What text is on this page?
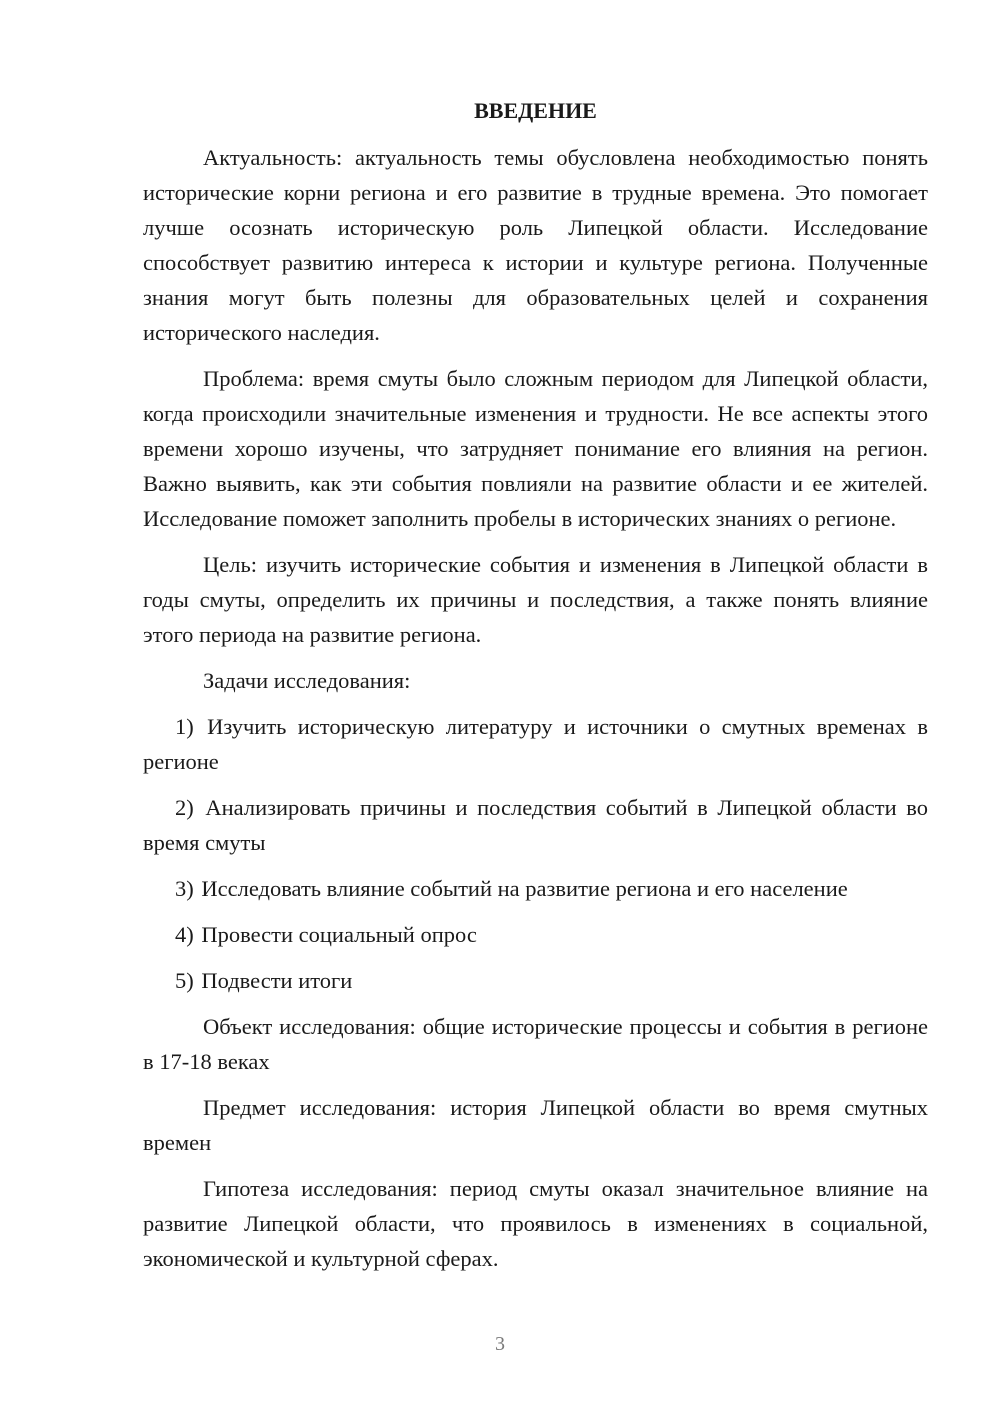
ВВЕДЕНИЕ

Актуальность: актуальность темы обусловлена необходимостью понять исторические корни региона и его развитие в трудные времена. Это помогает лучше осознать историческую роль Липецкой области. Исследование способствует развитию интереса к истории и культуре региона. Полученные знания могут быть полезны для образовательных целей и сохранения исторического наследия.

Проблема: время смуты было сложным периодом для Липецкой области, когда происходили значительные изменения и трудности. Не все аспекты этого времени хорошо изучены, что затрудняет понимание его влияния на регион. Важно выявить, как эти события повлияли на развитие области и ее жителей. Исследование поможет заполнить пробелы в исторических знаниях о регионе.

Цель: изучить исторические события и изменения в Липецкой области в годы смуты, определить их причины и последствия, а также понять влияние этого периода на развитие региона.

Задачи исследования:

1) Изучить историческую литературу и источники о смутных временах в регионе

2) Анализировать причины и последствия событий в Липецкой области во время смуты

3) Исследовать влияние событий на развитие региона и его население

4) Провести социальный опрос

5) Подвести итоги

Объект исследования: общие исторические процессы и события в регионе в 17-18 веках

Предмет исследования: история Липецкой области во время смутных времен

Гипотеза исследования: период смуты оказал значительное влияние на развитие Липецкой области, что проявилось в изменениях в социальной, экономической и культурной сферах.

3
